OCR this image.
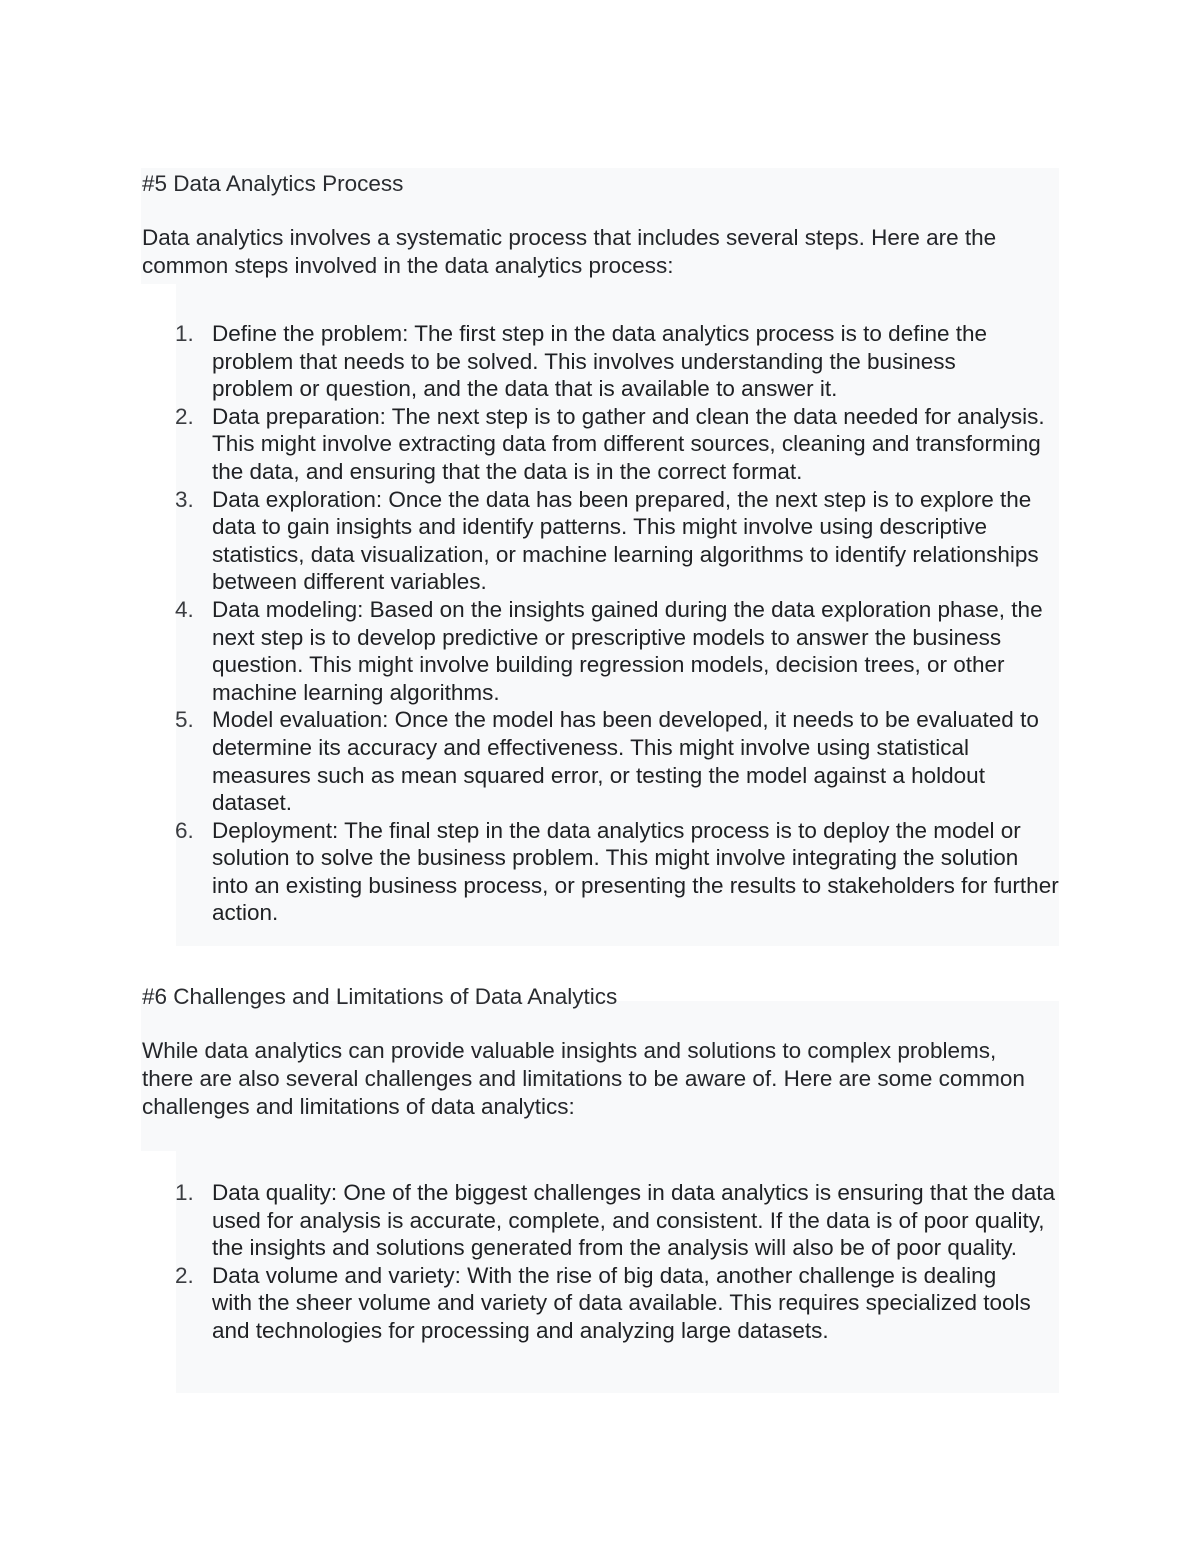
#5 Data Analytics Process

Data analytics involves a systematic process that includes several steps. Here are the common steps involved in the data analytics process:

1. Define the problem: The first step in the data analytics process is to define the problem that needs to be solved. This involves understanding the business problem or question, and the data that is available to answer it.
2. Data preparation: The next step is to gather and clean the data needed for analysis. This might involve extracting data from different sources, cleaning and transforming the data, and ensuring that the data is in the correct format.
3. Data exploration: Once the data has been prepared, the next step is to explore the data to gain insights and identify patterns. This might involve using descriptive statistics, data visualization, or machine learning algorithms to identify relationships between different variables.
4. Data modeling: Based on the insights gained during the data exploration phase, the next step is to develop predictive or prescriptive models to answer the business question. This might involve building regression models, decision trees, or other machine learning algorithms.
5. Model evaluation: Once the model has been developed, it needs to be evaluated to determine its accuracy and effectiveness. This might involve using statistical measures such as mean squared error, or testing the model against a holdout dataset.
6. Deployment: The final step in the data analytics process is to deploy the model or solution to solve the business problem. This might involve integrating the solution into an existing business process, or presenting the results to stakeholders for further action.
#6 Challenges and Limitations of Data Analytics

While data analytics can provide valuable insights and solutions to complex problems, there are also several challenges and limitations to be aware of. Here are some common challenges and limitations of data analytics:

1. Data quality: One of the biggest challenges in data analytics is ensuring that the data used for analysis is accurate, complete, and consistent. If the data is of poor quality, the insights and solutions generated from the analysis will also be of poor quality.
2. Data volume and variety: With the rise of big data, another challenge is dealing with the sheer volume and variety of data available. This requires specialized tools and technologies for processing and analyzing large datasets.
